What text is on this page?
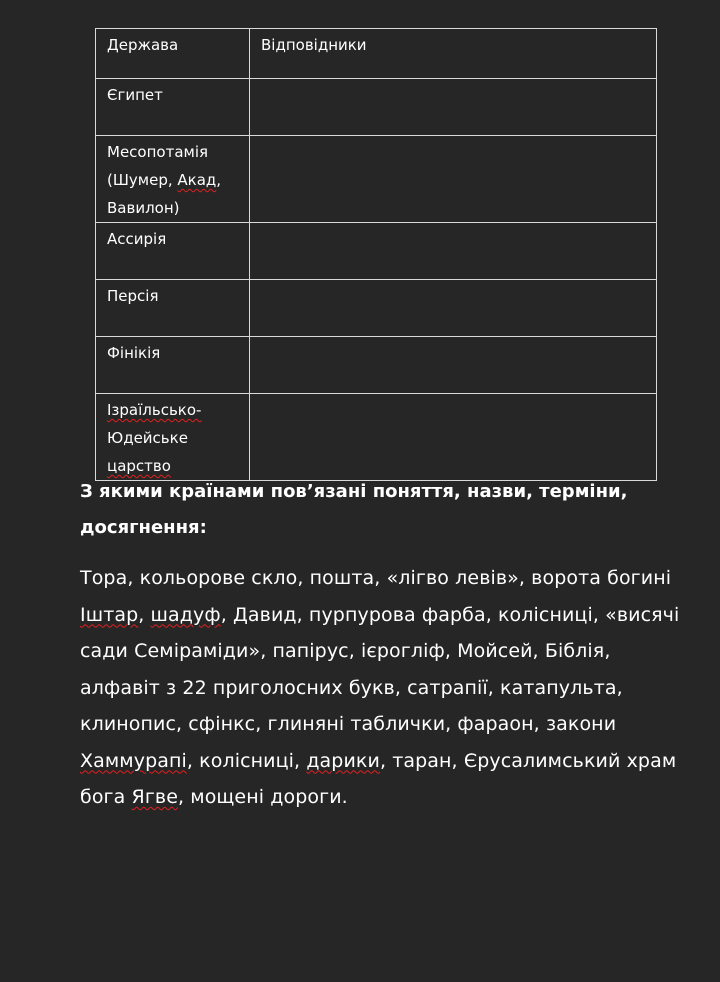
Держава	Відповідники
Єгипет	
Месопотамія (Шумер, Акад, Вавилон)	
Ассирія	
Персія	
Фінікія	
Ізраїльсько-Юдейське царство	

З якими країнами пов’язані поняття, назви, терміни, досягнення:

Тора, кольорове скло, пошта, «лігво левів», ворота богині Іштар, шадуф, Давид, пурпурова фарба, колісниці, «висячі сади Семіраміди», папірус, ієрогліф, Мойсей, Біблія, алфавіт з 22 приголосних букв, сатрапії, катапульта, клинопис, сфінкс, глиняні таблички, фараон, закони Хаммурапі, колісниці, дарики, таран, Єрусалимський храм бога Ягве, мощені дороги.
